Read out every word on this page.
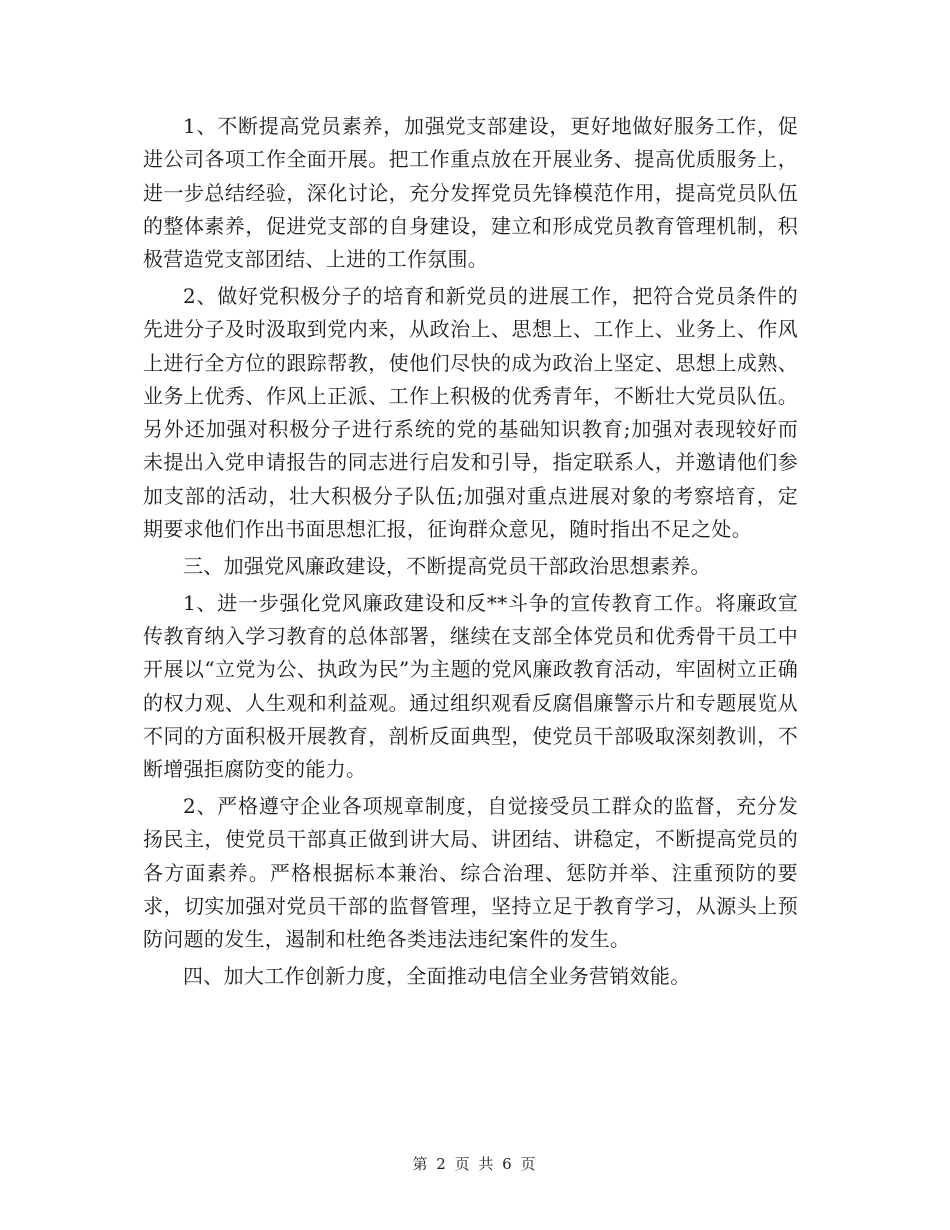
1、不断提高党员素养，加强党支部建设，更好地做好服务工作，促进公司各项工作全面开展。把工作重点放在开展业务、提高优质服务上，进一步总结经验，深化讨论，充分发挥党员先锋模范作用，提高党员队伍的整体素养，促进党支部的自身建设，建立和形成党员教育管理机制，积极营造党支部团结、上进的工作氛围。

2、做好党积极分子的培育和新党员的进展工作，把符合党员条件的先进分子及时汲取到党内来，从政治上、思想上、工作上、业务上、作风上进行全方位的跟踪帮教，使他们尽快的成为政治上坚定、思想上成熟、业务上优秀、作风上正派、工作上积极的优秀青年，不断壮大党员队伍。另外还加强对积极分子进行系统的党的基础知识教育;加强对表现较好而未提出入党申请报告的同志进行启发和引导，指定联系人，并邀请他们参加支部的活动，壮大积极分子队伍;加强对重点进展对象的考察培育，定期要求他们作出书面思想汇报，征询群众意见，随时指出不足之处。

三、加强党风廉政建设，不断提高党员干部政治思想素养。

1、进一步强化党风廉政建设和反**斗争的宣传教育工作。将廉政宣传教育纳入学习教育的总体部署，继续在支部全体党员和优秀骨干员工中开展以“立党为公、执政为民”为主题的党风廉政教育活动，牢固树立正确的权力观、人生观和利益观。通过组织观看反腐倡廉警示片和专题展览从不同的方面积极开展教育，剖析反面典型，使党员干部吸取深刻教训，不断增强拒腐防变的能力。

2、严格遵守企业各项规章制度，自觉接受员工群众的监督，充分发扬民主，使党员干部真正做到讲大局、讲团结、讲稳定，不断提高党员的各方面素养。严格根据标本兼治、综合治理、惩防并举、注重预防的要求，切实加强对党员干部的监督管理，坚持立足于教育学习，从源头上预防问题的发生，遏制和杜绝各类违法违纪案件的发生。

四、加大工作创新力度，全面推动电信全业务营销效能。

第 2 页 共 6 页
